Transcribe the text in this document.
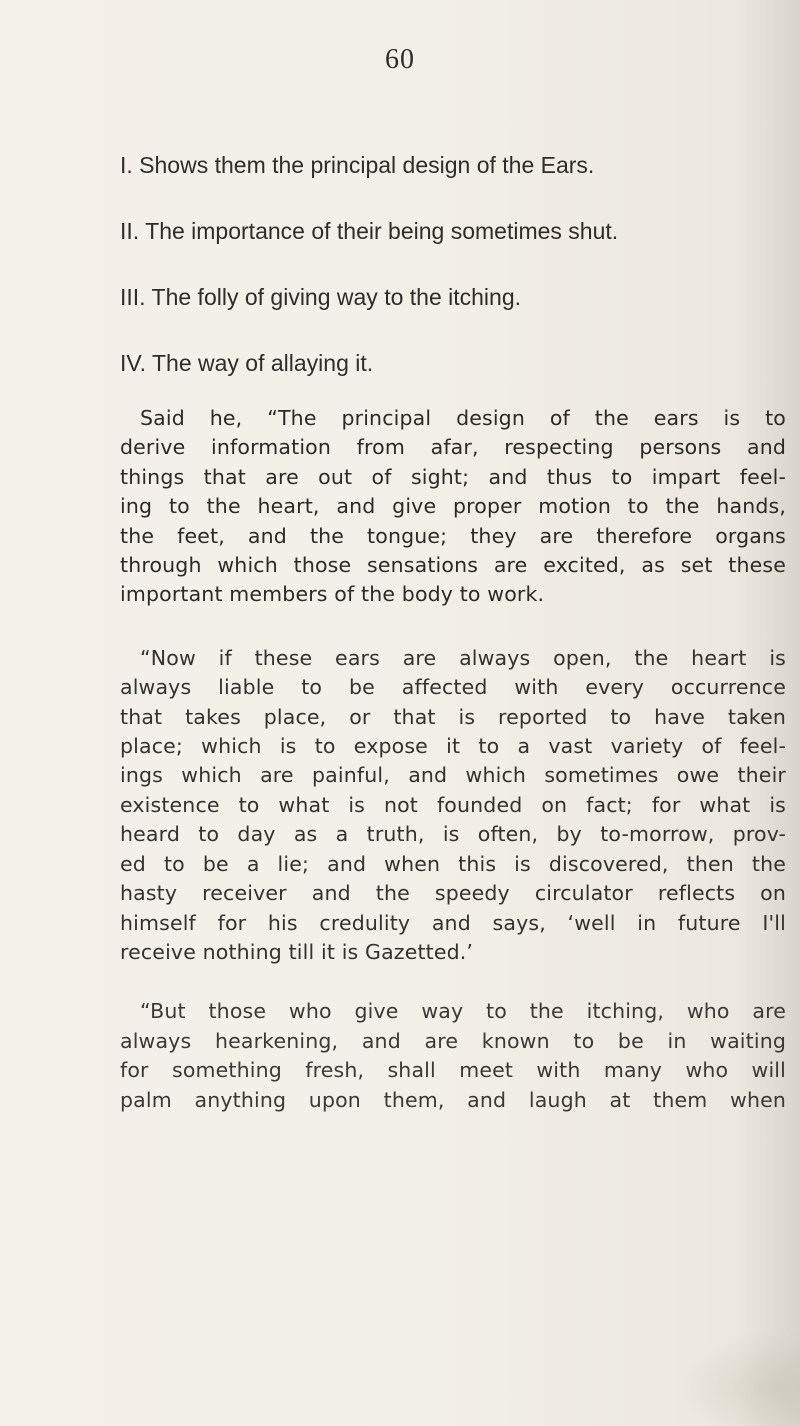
60
I. Shows them the principal design of the Ears.
II. The importance of their being sometimes shut.
III. The folly of giving way to the itching.
IV. The way of allaying it.

Said he, “The principal design of the ears is to
derive information from afar, respecting persons and
things that are out of sight; and thus to impart feel-
ing to the heart, and give proper motion to the hands,
the feet, and the tongue; they are therefore organs
through which those sensations are excited, as set these
important members of the body to work.

“Now if these ears are always open, the heart is
always liable to be affected with every occurrence
that takes place, or that is reported to have taken
place; which is to expose it to a vast variety of feel-
ings which are painful, and which sometimes owe their
existence to what is not founded on fact; for what is
heard to day as a truth, is often, by to-morrow, prov-
ed to be a lie; and when this is discovered, then the
hasty receiver and the speedy circulator reflects on
himself for his credulity and says, ‘well in future I'll
receive nothing till it is Gazetted.’

“But those who give way to the itching, who are
always hearkening, and are known to be in waiting
for something fresh, shall meet with many who will
palm anything upon them, and laugh at them when
